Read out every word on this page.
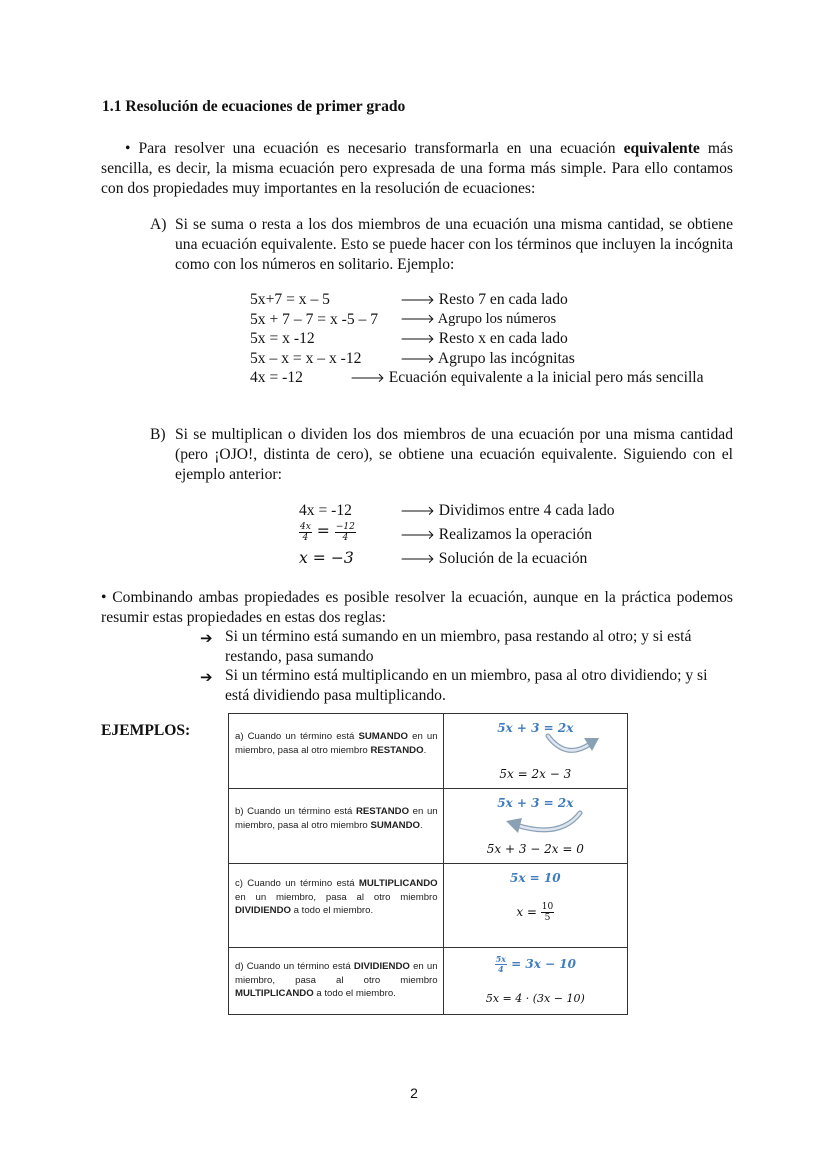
1.1 Resolución de ecuaciones de primer grado
• Para resolver una ecuación es necesario transformarla en una ecuación equivalente más sencilla, es decir, la misma ecuación pero expresada de una forma más simple. Para ello contamos con dos propiedades muy importantes en la resolución de ecuaciones:
A) Si se suma o resta a los dos miembros de una ecuación una misma cantidad, se obtiene una ecuación equivalente. Esto se puede hacer con los términos que incluyen la incógnita como con los números en solitario. Ejemplo:
5x+7 = x – 5	🡒 Resto 7 en cada lado
5x + 7 – 7 = x -5 – 7 🡒 Agrupo los números
5x = x -12	🡒 Resto x en cada lado
5x – x = x – x -12	🡒 Agrupo las incógnitas
4x = -12	🡒 Ecuación equivalente a la inicial pero más sencilla
B) Si se multiplican o dividen los dos miembros de una ecuación por una misma cantidad (pero ¡OJO!, distinta de cero), se obtiene una ecuación equivalente. Siguiendo con el ejemplo anterior:
4x = -12	🡒 Dividimos entre 4 cada lado
$\frac{4x}{4} = \frac{-12}{4}$	🡒 Realizamos la operación
x = −3	🡒 Solución de la ecuación
• Combinando ambas propiedades es posible resolver la ecuación, aunque en la práctica podemos resumir estas propiedades en estas dos reglas:
➔ Si un término está sumando en un miembro, pasa restando al otro; y si está restando, pasa sumando
➔ Si un término está multiplicando en un miembro, pasa al otro dividiendo; y si está dividiendo pasa multiplicando.
EJEMPLOS:	a) Cuando un término está SUMANDO en un miembro, pasa al otro miembro RESTANDO.	5x + 3 = 2x
5x = 2x − 3

b) Cuando un término está RESTANDO en un miembro, pasa al otro miembro SUMANDO.	5x + 3 = 2x
5x + 3 − 2x = 0

c) Cuando un término está MULTIPLICANDO en un miembro, pasa al otro miembro DIVIDIENDO a todo el miembro.	5x = 10
$x = \frac{10}{5}$

d) Cuando un término está DIVIDIENDO en un miembro, pasa al otro miembro MULTIPLICANDO a todo el miembro.	$\frac{5x}{4} = 3x - 10$
5x = 4 · (3x − 10)
2
